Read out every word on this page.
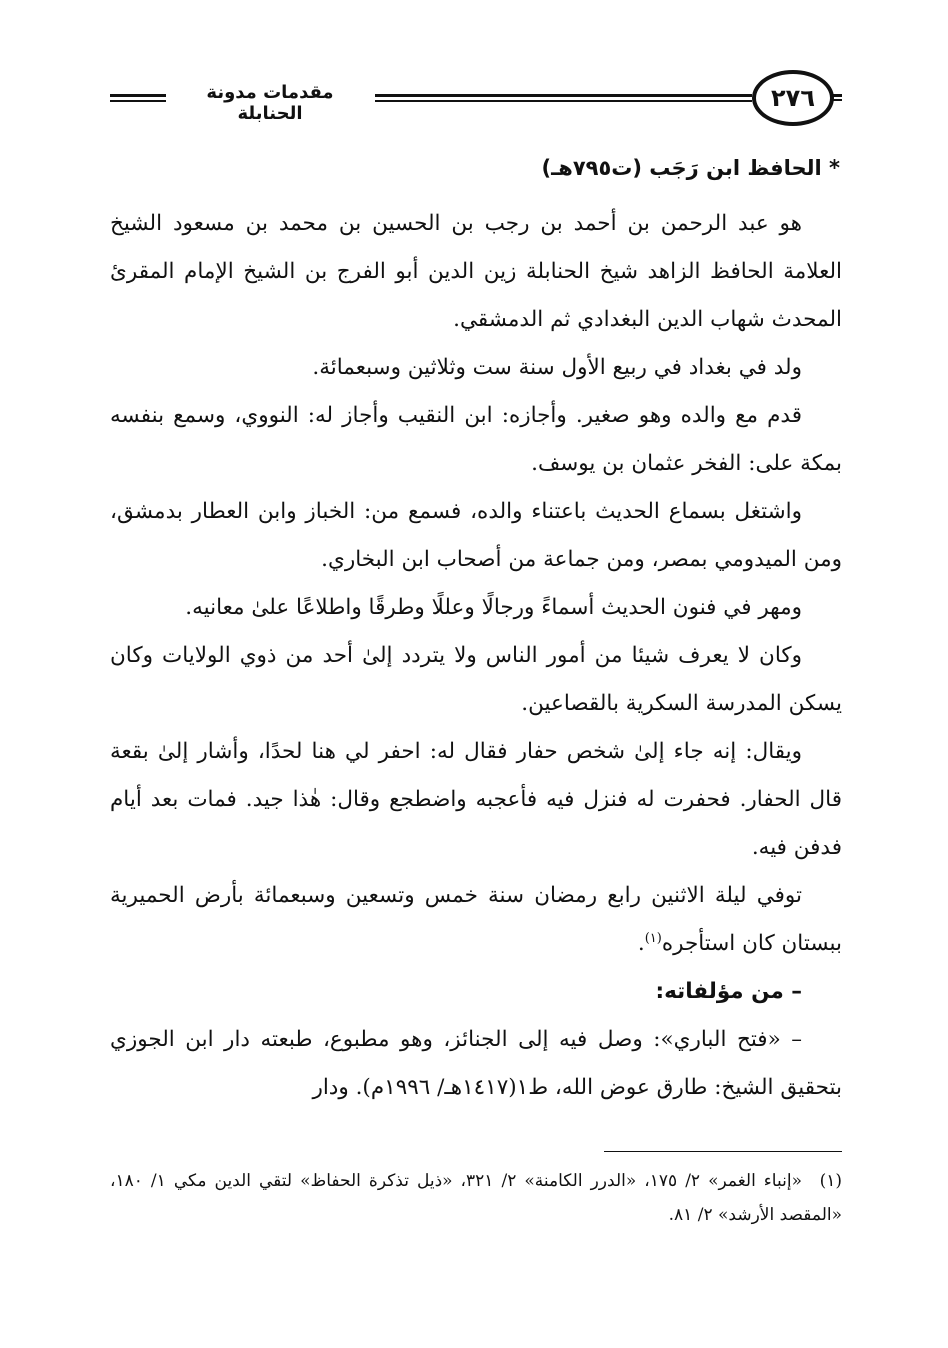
٢٧٦
مقدمات مدونة الحنابلة
* الحافظ ابن رَجَب (ت٧٩٥هـ)

هو عبد الرحمن بن أحمد بن رجب بن الحسين بن محمد بن مسعود الشيخ العلامة الحافظ الزاهد شيخ الحنابلة زين الدين أبو الفرج بن الشيخ الإمام المقرئ المحدث شهاب الدين البغدادي ثم الدمشقي.

ولد في بغداد في ربيع الأول سنة ست وثلاثين وسبعمائة.

قدم مع والده وهو صغير. وأجازه: ابن النقيب وأجاز له: النووي، وسمع بنفسه بمكة على: الفخر عثمان بن يوسف.

واشتغل بسماع الحديث باعتناء والده، فسمع من: الخباز وابن العطار بدمشق، ومن الميدومي بمصر، ومن جماعة من أصحاب ابن البخاري.

ومهر في فنون الحديث أسماءً ورجالًا وعللًا وطرقًا واطلاعًا علىٰ معانيه.

وكان لا يعرف شيئا من أمور الناس ولا يتردد إلىٰ أحد من ذوي الولايات وكان يسكن المدرسة السكرية بالقصاعين.

ويقال: إنه جاء إلىٰ شخص حفار فقال له: احفر لي هنا لحدًا، وأشار إلىٰ بقعة قال الحفار. فحفرت له فنزل فيه فأعجبه واضطجع وقال: هٰذا جيد. فمات بعد أيام فدفن فيه.

توفي ليلة الاثنين رابع رمضان سنة خمس وتسعين وسبعمائة بأرض الحميرية ببستان كان استأجره$^{(١)}$.

– من مؤلفاته:

– «فتح الباري»: وصل فيه إلى الجنائز، وهو مطبوع، طبعته دار ابن الجوزي بتحقيق الشيخ: طارق عوض الله، ط١(١٤١٧هـ/ ١٩٩٦م). ودار

(١)«إنباء الغمر» ٢/ ١٧٥، «الدرر الكامنة» ٢/ ٣٢١، «ذيل تذكرة الحفاظ» لتقي الدين مكي ١/ ١٨٠، «المقصد الأرشد» ٢/ ٨١.
